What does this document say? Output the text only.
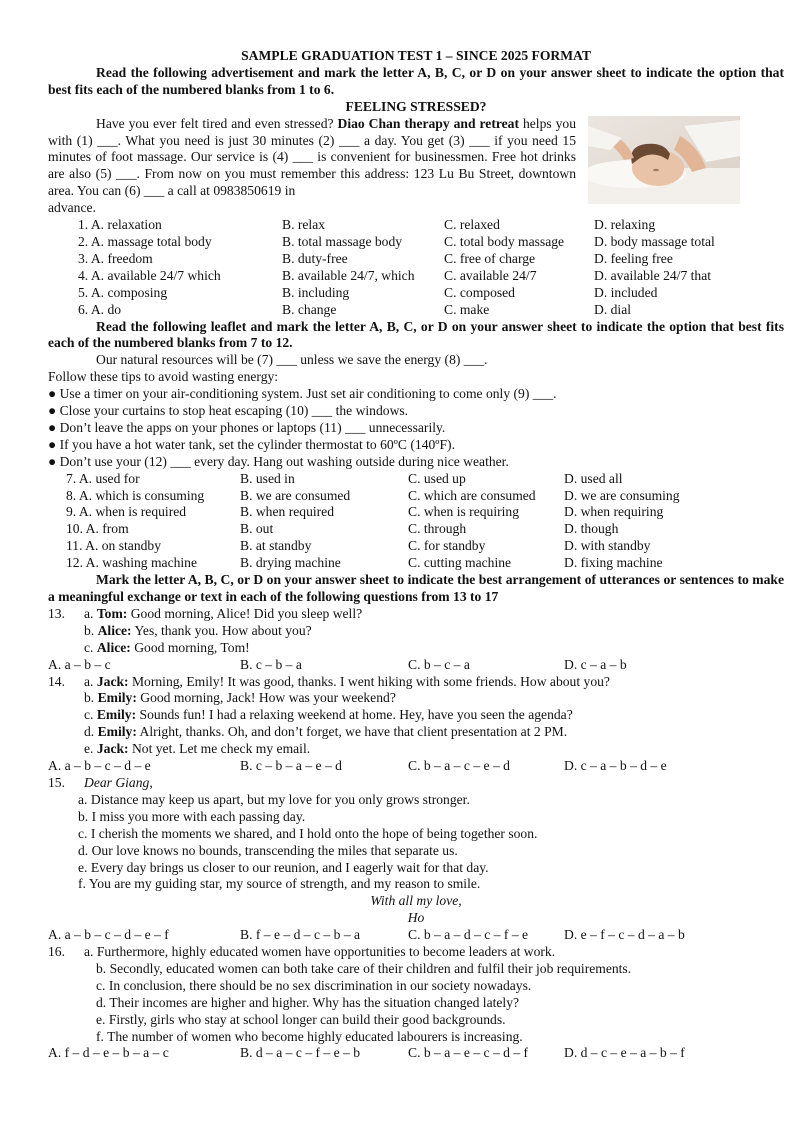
SAMPLE GRADUATION TEST 1 – SINCE 2025 FORMAT

Read the following advertisement and mark the letter A, B, C, or D on your answer sheet to indicate the option that best fits each of the numbered blanks from 1 to 6.

FEELING STRESSED?

Have you ever felt tired and even stressed? Diao Chan therapy and retreat helps you with (1) ___. What you need is just 30 minutes (2) ___ a day. You get (3) ___ if you need 15 minutes of foot massage. Our service is (4) ___ is convenient for businessmen. Free hot drinks are also (5) ___. From now on you must remember this address: 123 Lu Bu Street, downtown area. You can (6) ___ a call at 0983850619 in

advance.

1. A. relaxation	B. relax	C. relaxed	D. relaxing
2. A. massage total body	B. total massage body	C. total body massage	D. body massage total
3. A. freedom	B. duty-free	C. free of charge	D. feeling free
4. A. available 24/7 which	B. available 24/7, which	C. available 24/7	D. available 24/7 that
5. A. composing	B. including	C. composed	D. included
6. A. do	B. change	C. make	D. dial

Read the following leaflet and mark the letter A, B, C, or D on your answer sheet to indicate the option that best fits each of the numbered blanks from 7 to 12.

Our natural resources will be (7) ___ unless we save the energy (8) ___.

Follow these tips to avoid wasting energy:

● Use a timer on your air-conditioning system. Just set air conditioning to come only (9) ___.

● Close your curtains to stop heat escaping (10) ___ the windows.

● Don’t leave the apps on your phones or laptops (11) ___ unnecessarily.

● If you have a hot water tank, set the cylinder thermostat to 60ºC (140ºF).

● Don’t use your (12) ___ every day. Hang out washing outside during nice weather.

7. A. used for	B. used in	C. used up	D. used all
8. A. which is consuming	B. we are consumed	C. which are consumed	D. we are consuming
9. A. when is required	B. when required	C. when is requiring	D. when requiring
10. A. from	B. out	C. through	D. though
11. A. on standby	B. at standby	C. for standby	D. with standby
12. A. washing machine	B. drying machine	C. cutting machine	D. fixing machine

Mark the letter A, B, C, or D on your answer sheet to indicate the best arrangement of utterances or sentences to make a meaningful exchange or text in each of the following questions from 13 to 17

13.	a. Tom: Good morning, Alice! Did you sleep well?

b. Alice: Yes, thank you. How about you?

c. Alice: Good morning, Tom!

A. a – b – c	B. c – b – a	C. b – c – a	D. c – a – b
14.	a. Jack: Morning, Emily! It was good, thanks. I went hiking with some friends. How about you?

b. Emily: Good morning, Jack! How was your weekend?

c. Emily: Sounds fun! I had a relaxing weekend at home. Hey, have you seen the agenda?

d. Emily: Alright, thanks. Oh, and don’t forget, we have that client presentation at 2 PM.

e. Jack: Not yet. Let me check my email.

A. a – b – c – d – e	B. c – b – a – e – d	C. b – a – c – e – d	D. c – a – b – d – e
15.	Dear Giang,

a. Distance may keep us apart, but my love for you only grows stronger.

b. I miss you more with each passing day.

c. I cherish the moments we shared, and I hold onto the hope of being together soon.

d. Our love knows no bounds, transcending the miles that separate us.

e. Every day brings us closer to our reunion, and I eagerly wait for that day.

f. You are my guiding star, my source of strength, and my reason to smile.

With all my love,

Ho

A. a – b – c – d – e – f	B. f – e – d – c – b – a	C. b – a – d – c – f – e	D. e – f – c – d – a – b
16.	a. Furthermore, highly educated women have opportunities to become leaders at work.

b. Secondly, educated women can both take care of their children and fulfil their job requirements.

c. In conclusion, there should be no sex discrimination in our society nowadays.

d. Their incomes are higher and higher. Why has the situation changed lately?

e. Firstly, girls who stay at school longer can build their good backgrounds.

f. The number of women who become highly educated labourers is increasing.

A. f – d – e – b – a – c	B. d – a – c – f – e – b	C. b – a – e – c – d – f	D. d – c – e – a – b – f
